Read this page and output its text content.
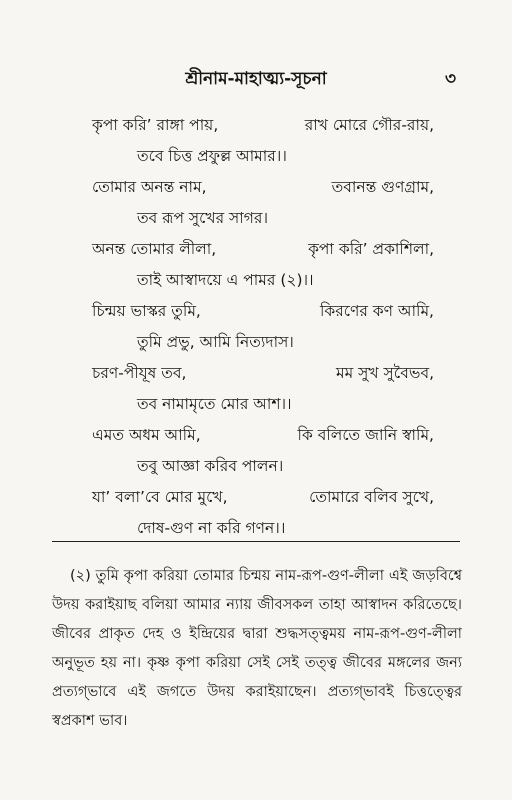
শ্রীনাম-মাহাত্ম্য-সূচনা	৩
কৃপা করি’ রাঙ্গা পায়,	রাখ মোরে গৌর-রায়,
তবে চিত্ত প্রফুল্ল আমার।।
তোমার অনন্ত নাম,	তবানন্ত গুণগ্রাম,
তব রূপ সুখের সাগর।
অনন্ত তোমার লীলা,	কৃপা করি’ প্রকাশিলা,
তাই আস্বাদয়ে এ পামর (২)।।
চিন্ময় ভাস্কর তুমি,	কিরণের কণ আমি,
তুমি প্রভু, আমি নিত্যদাস।
চরণ-পীযূষ তব,	মম সুখ সুবৈভব,
তব নামামৃতে মোর আশ।।
এমত অধম আমি,	কি বলিতে জানি স্বামি,
তবু আজ্ঞা করিব পালন।
যা’ বলা’বে মোর মুখে,	তোমারে বলিব সুখে,
দোষ-গুণ না করি গণন।।

(২) তুমি কৃপা করিয়া তোমার চিন্ময় নাম-রূপ-গুণ-লীলা এই জড়বিশ্বে উদয় করাইয়াছ বলিয়া আমার ন্যায় জীবসকল তাহা আস্বাদন করিতেছে। জীবের প্রাকৃত দেহ ও ইন্দ্রিয়ের দ্বারা শুদ্ধসত্ত্বময় নাম-রূপ-গুণ-লীলা অনুভূত হয় না। কৃষ্ণ কৃপা করিয়া সেই সেই তত্ত্ব জীবের মঙ্গলের জন্য প্রত্যগ্‌ভাবে এই জগতে উদয় করাইয়াছেন। প্রত্যগ্‌ভাবই চিত্তত্ত্বের স্বপ্রকাশ ভাব।
